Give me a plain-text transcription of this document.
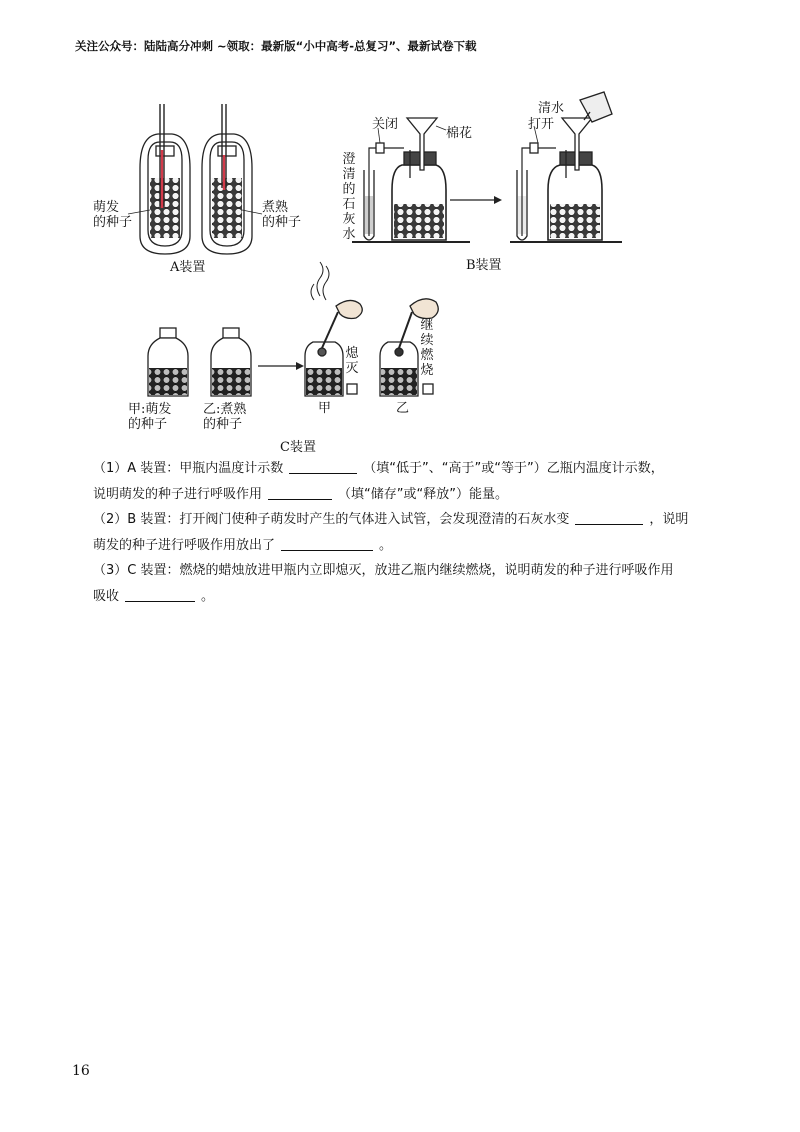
关注公众号：陆陆高分冲刺 ~领取：最新版“小中高考-总复习”、最新试卷下载
萌发
的种子
煮熟
的种子
A装置
关闭
棉花
清水
打开
澄清的石灰水
B装置
甲:萌发
的种子
乙:煮熟
的种子
熄灭
继续燃烧
甲	乙
C装置

（1）A 装置：甲瓶内温度计示数	（填“低于”、“高于”或“等于”）乙瓶内温度计示数，

说明萌发的种子进行呼吸作用	（填“储存”或“释放”）能量。

（2）B 装置：打开阀门使种子萌发时产生的气体进入试管，会发现澄清的石灰水变	，说明

萌发的种子进行呼吸作用放出了	。

（3）C 装置：燃烧的蜡烛放进甲瓶内立即熄灭，放进乙瓶内继续燃烧，说明萌发的种子进行呼吸作用

吸收	。

16
